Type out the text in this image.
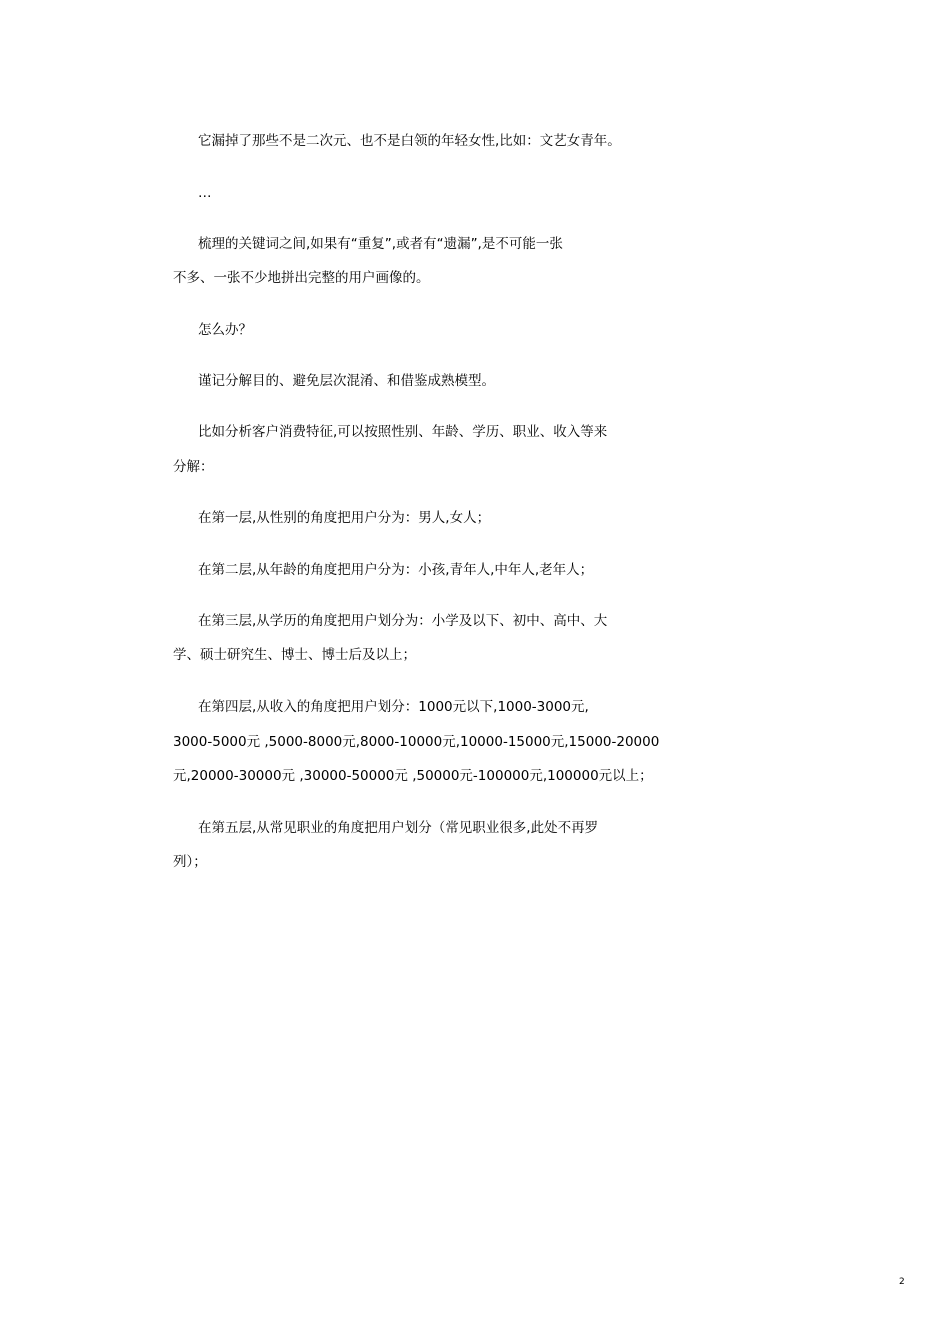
它漏掉了那些不是二次元、也不是白领的年轻女性,比如：文艺女青年。
…
梳理的关键词之间,如果有“重复”,或者有“遗漏”,是不可能一张
不多、一张不少地拼出完整的用户画像的。
怎么办？
谨记分解目的、避免层次混淆、和借鉴成熟模型。
比如分析客户消费特征,可以按照性别、年龄、学历、职业、收入等来
分解：
在第一层,从性别的角度把用户分为：男人,女人；
在第二层,从年龄的角度把用户分为：小孩,青年人,中年人,老年人；
在第三层,从学历的角度把用户划分为：小学及以下、初中、高中、大
学、硕士研究生、博士、博士后及以上；
在第四层,从收入的角度把用户划分：1000元以下,1000-3000元,
3000-5000元 ,5000-8000元,8000-10000元,10000-15000元,15000-20000
元,20000-30000元 ,30000-50000元 ,50000元-100000元,100000元以上；
在第五层,从常见职业的角度把用户划分（常见职业很多,此处不再罗
列）；
2
